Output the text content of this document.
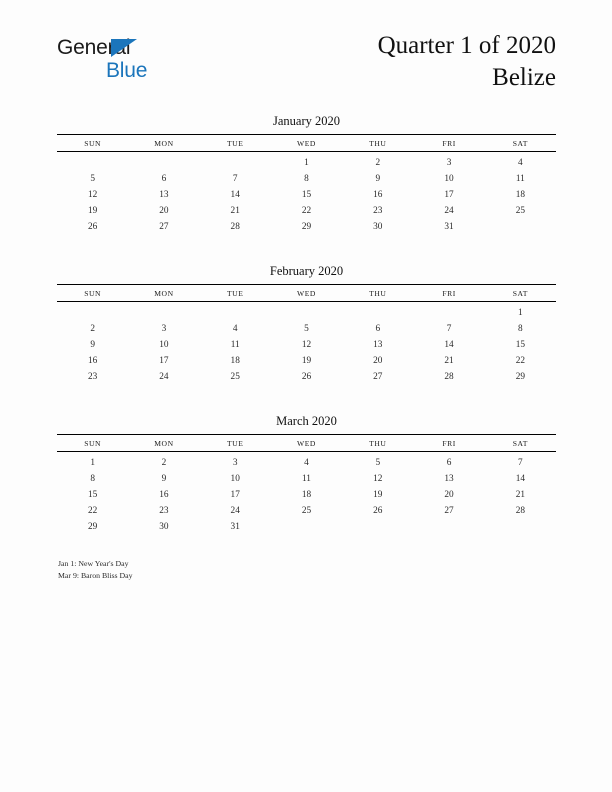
General
Blue
Quarter 1 of 2020
Belize
January 2020
SUN	MON	TUE	WED	THU	FRI	SAT
			1	2	3	4
5	6	7	8	9	10	11
12	13	14	15	16	17	18
19	20	21	22	23	24	25
26	27	28	29	30	31	
February 2020
SUN	MON	TUE	WED	THU	FRI	SAT
						1
2	3	4	5	6	7	8
9	10	11	12	13	14	15
16	17	18	19	20	21	22
23	24	25	26	27	28	29
March 2020
SUN	MON	TUE	WED	THU	FRI	SAT
1	2	3	4	5	6	7
8	9	10	11	12	13	14
15	16	17	18	19	20	21
22	23	24	25	26	27	28
29	30	31				
Jan 1: New Year's Day
Mar 9: Baron Bliss Day
